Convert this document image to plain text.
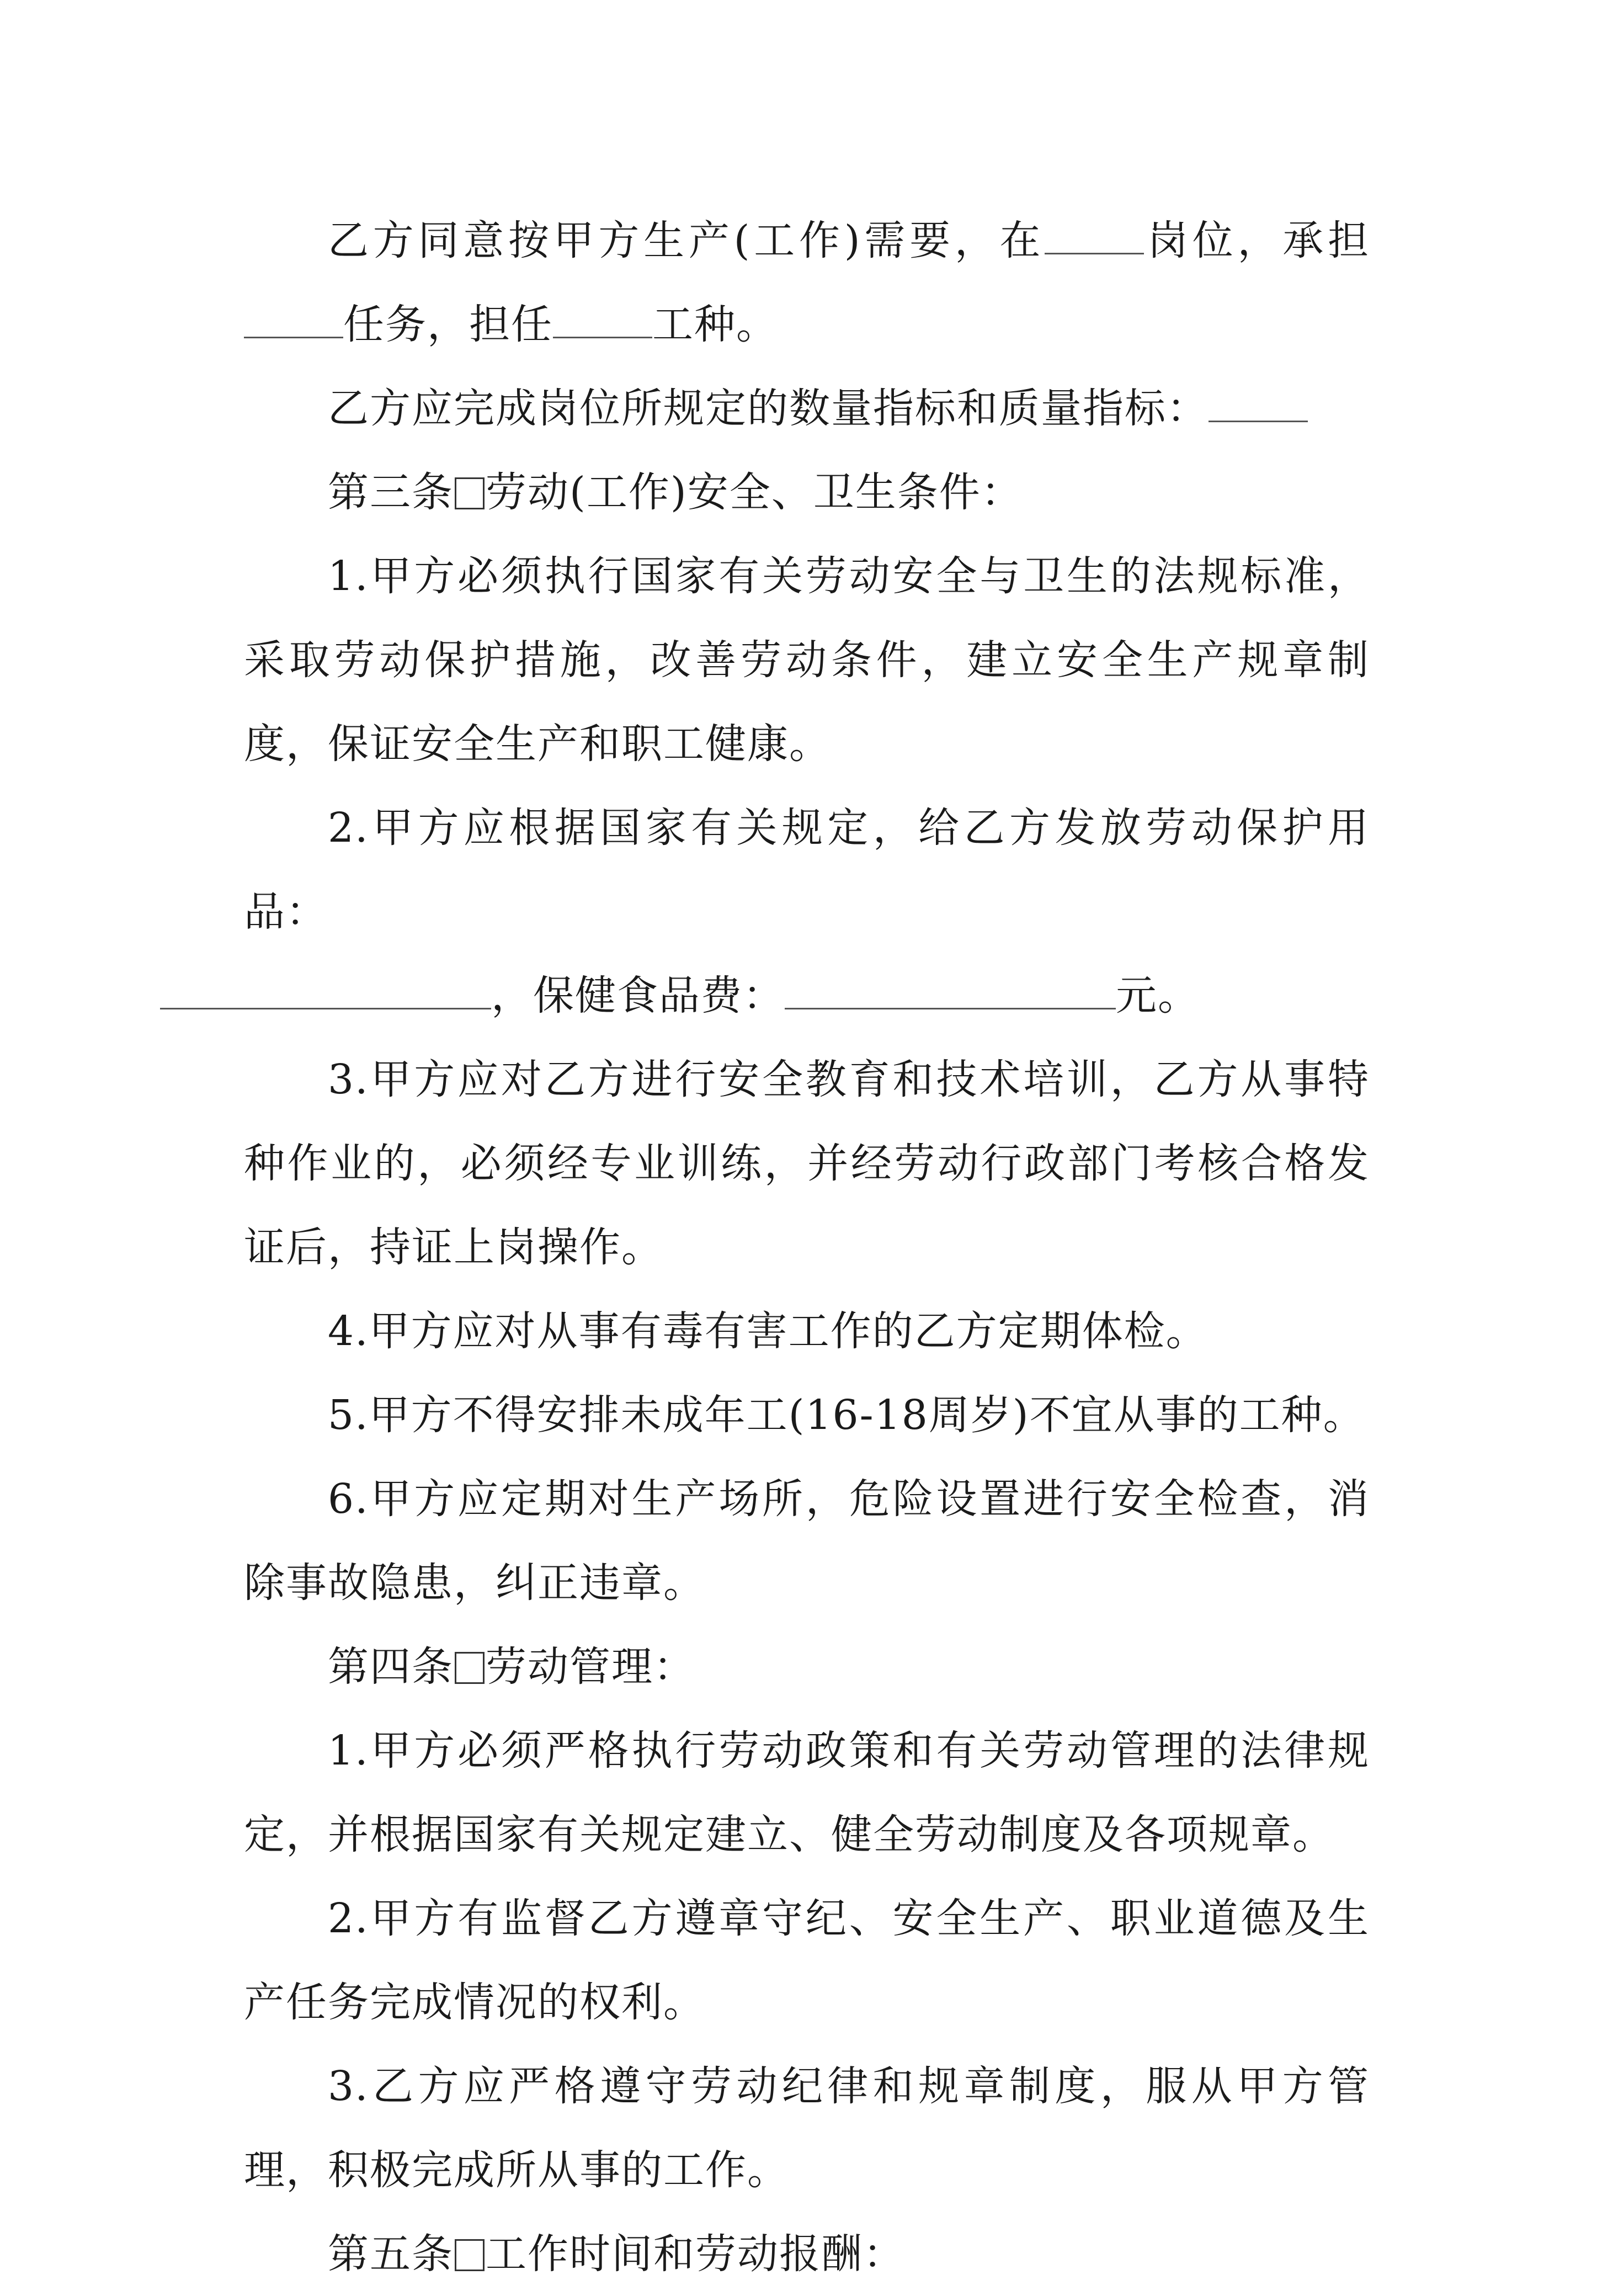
乙方同意按甲方生产(工作)需要，在 岗位，承担任务，担任 工种。

乙方应完成岗位所规定的数量指标和质量指标：

第三条 劳动(工作)安全、卫生条件：

1.甲方必须执行国家有关劳动安全与卫生的法规标准，采取劳动保护措施，改善劳动条件，建立安全生产规章制度，保证安全生产和职工健康。

2.甲方应根据国家有关规定，给乙方发放劳动保护用品：
，保健食品费：	元。

3.甲方应对乙方进行安全教育和技术培训，乙方从事特种作业的，必须经专业训练，并经劳动行政部门考核合格发证后，持证上岗操作。

4.甲方应对从事有毒有害工作的乙方定期体检。

5.甲方不得安排未成年工(16-18周岁)不宜从事的工种。

6.甲方应定期对生产场所，危险设置进行安全检查，消除事故隐患，纠正违章。

第四条 劳动管理：

1.甲方必须严格执行劳动政策和有关劳动管理的法律规定，并根据国家有关规定建立、健全劳动制度及各项规章。

2.甲方有监督乙方遵章守纪、安全生产、职业道德及生产任务完成情况的权利。

3.乙方应严格遵守劳动纪律和规章制度，服从甲方管理，积极完成所从事的工作。

第五条 工作时间和劳动报酬：
